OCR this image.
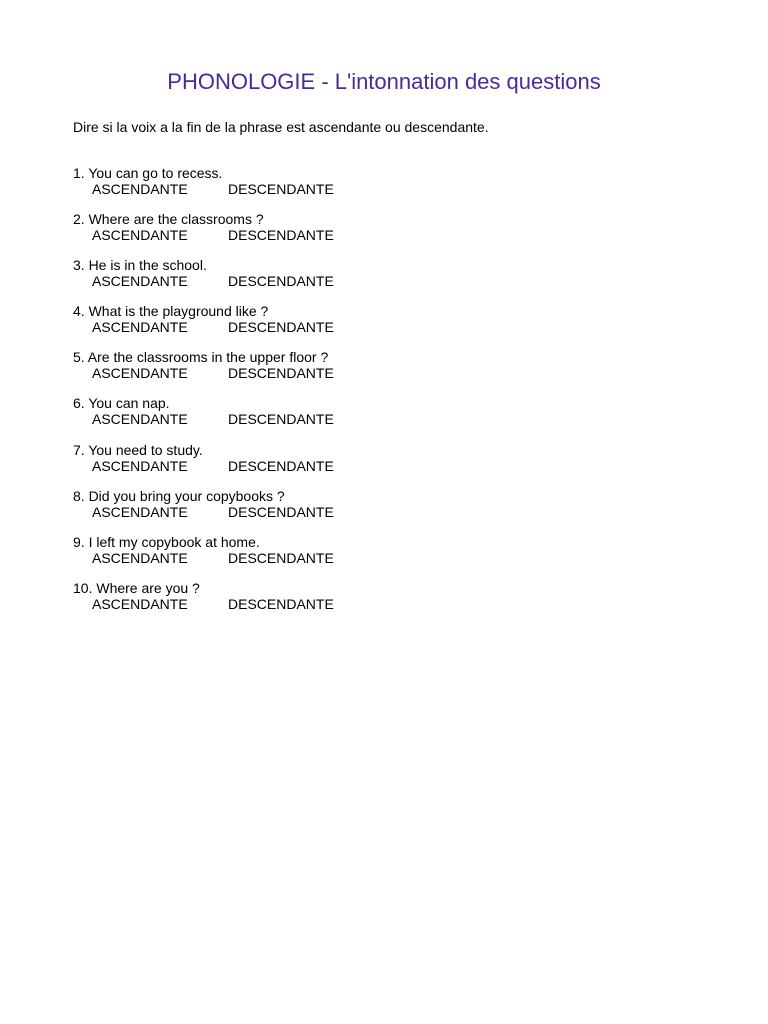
PHONOLOGIE - L'intonnation des questions
Dire si la voix a la fin de la phrase est ascendante ou descendante.
1. You can go to recess.
ASCENDANTE	DESCENDANTE
2. Where are the classrooms ?
ASCENDANTE	DESCENDANTE
3. He is in the school.
ASCENDANTE	DESCENDANTE
4. What is the playground like ?
ASCENDANTE	DESCENDANTE
5. Are the classrooms in the upper floor ?
ASCENDANTE	DESCENDANTE
6. You can nap.
ASCENDANTE	DESCENDANTE
7. You need to study.
ASCENDANTE	DESCENDANTE
8. Did you bring your copybooks ?
ASCENDANTE	DESCENDANTE
9. I left my copybook at home.
ASCENDANTE	DESCENDANTE
10. Where are you ?
ASCENDANTE	DESCENDANTE
